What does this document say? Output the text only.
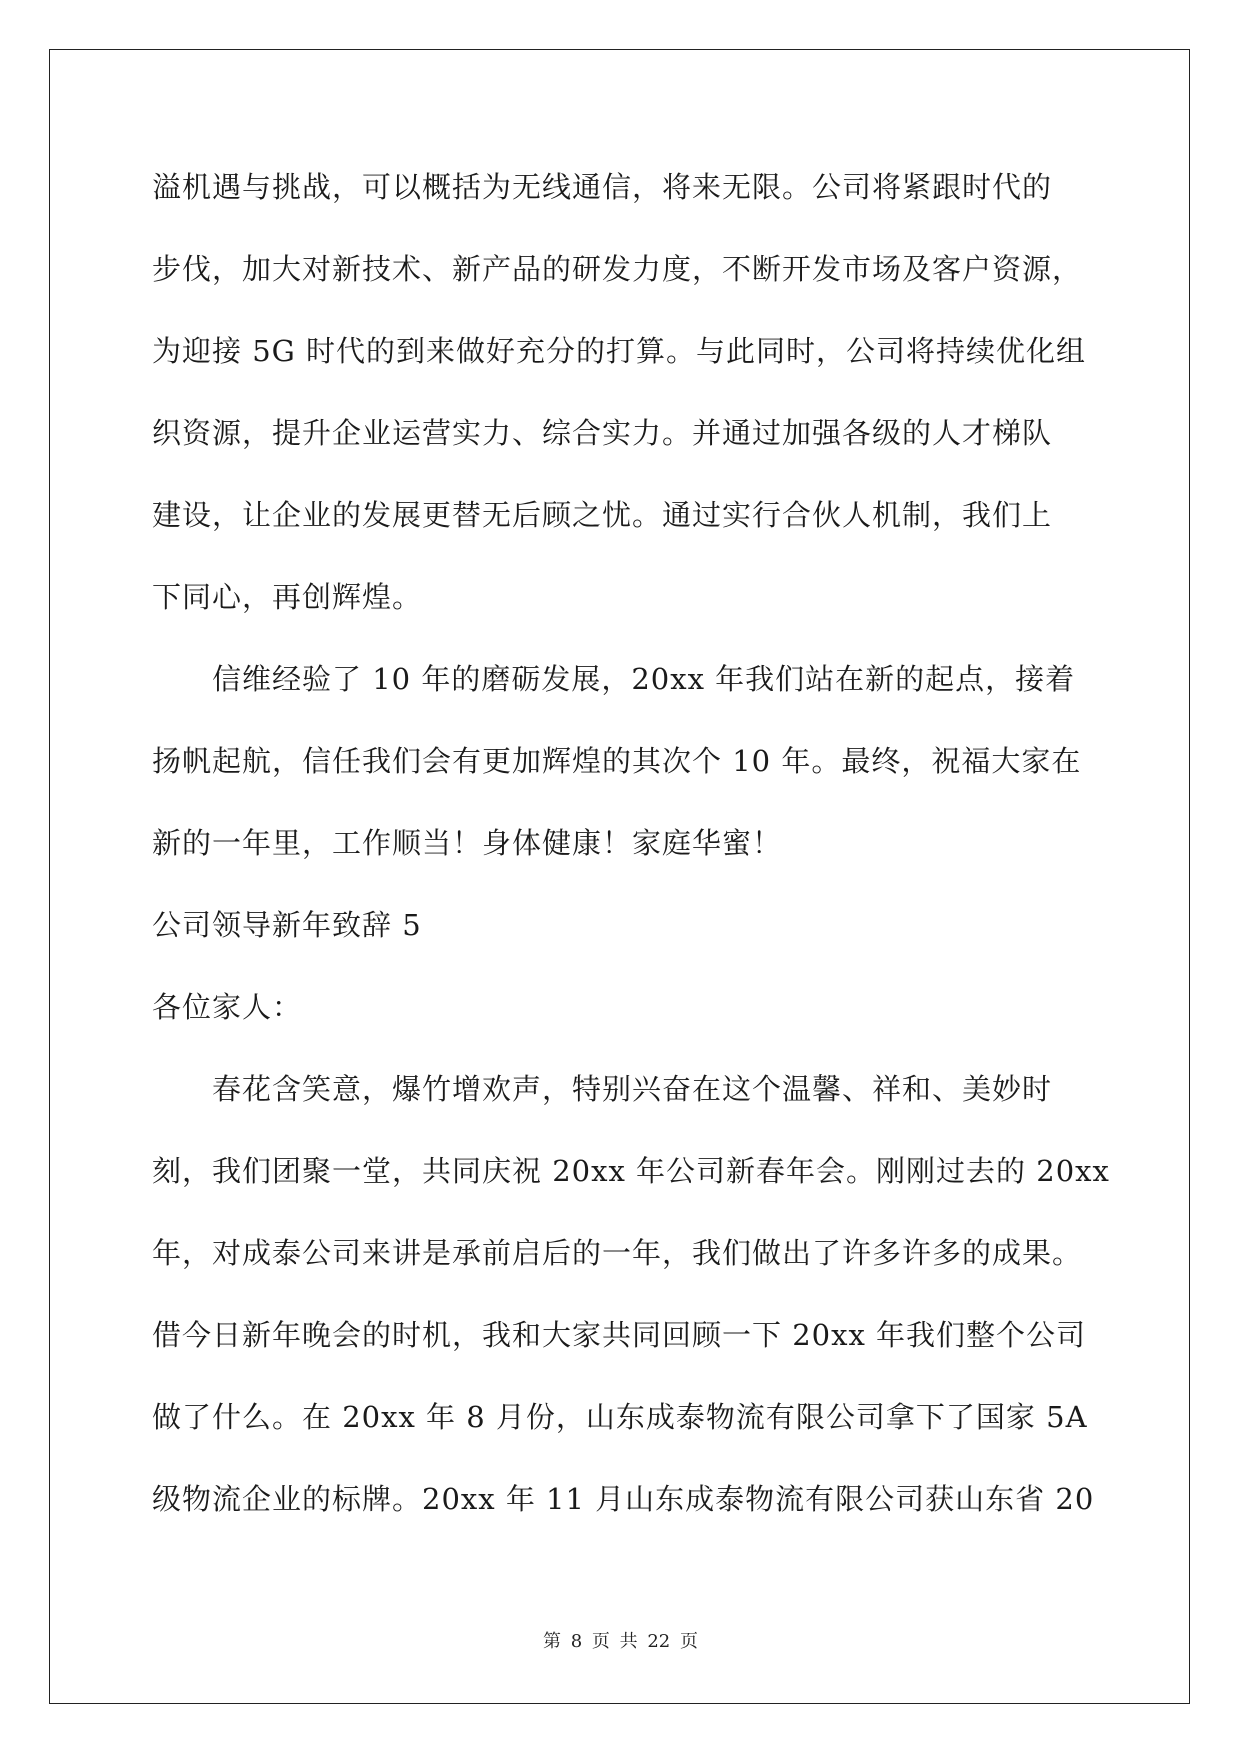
溢机遇与挑战，可以概括为无线通信，将来无限。公司将紧跟时代的
步伐，加大对新技术、新产品的研发力度，不断开发市场及客户资源，
为迎接 5G 时代的到来做好充分的打算。与此同时，公司将持续优化组
织资源，提升企业运营实力、综合实力。并通过加强各级的人才梯队
建设，让企业的发展更替无后顾之忧。通过实行合伙人机制，我们上
下同心，再创辉煌。
　　信维经验了 10 年的磨砺发展，20xx 年我们站在新的起点，接着
扬帆起航，信任我们会有更加辉煌的其次个 10 年。最终，祝福大家在
新的一年里，工作顺当！身体健康！家庭华蜜！
公司领导新年致辞 5
各位家人：
　　春花含笑意，爆竹增欢声，特别兴奋在这个温馨、祥和、美妙时
刻，我们团聚一堂，共同庆祝 20xx 年公司新春年会。刚刚过去的 20xx
年，对成泰公司来讲是承前启后的一年，我们做出了许多许多的成果。
借今日新年晚会的时机，我和大家共同回顾一下 20xx 年我们整个公司
做了什么。在 20xx 年 8 月份，山东成泰物流有限公司拿下了国家 5A
级物流企业的标牌。20xx 年 11 月山东成泰物流有限公司获山东省 20
第 8 页 共 22 页
